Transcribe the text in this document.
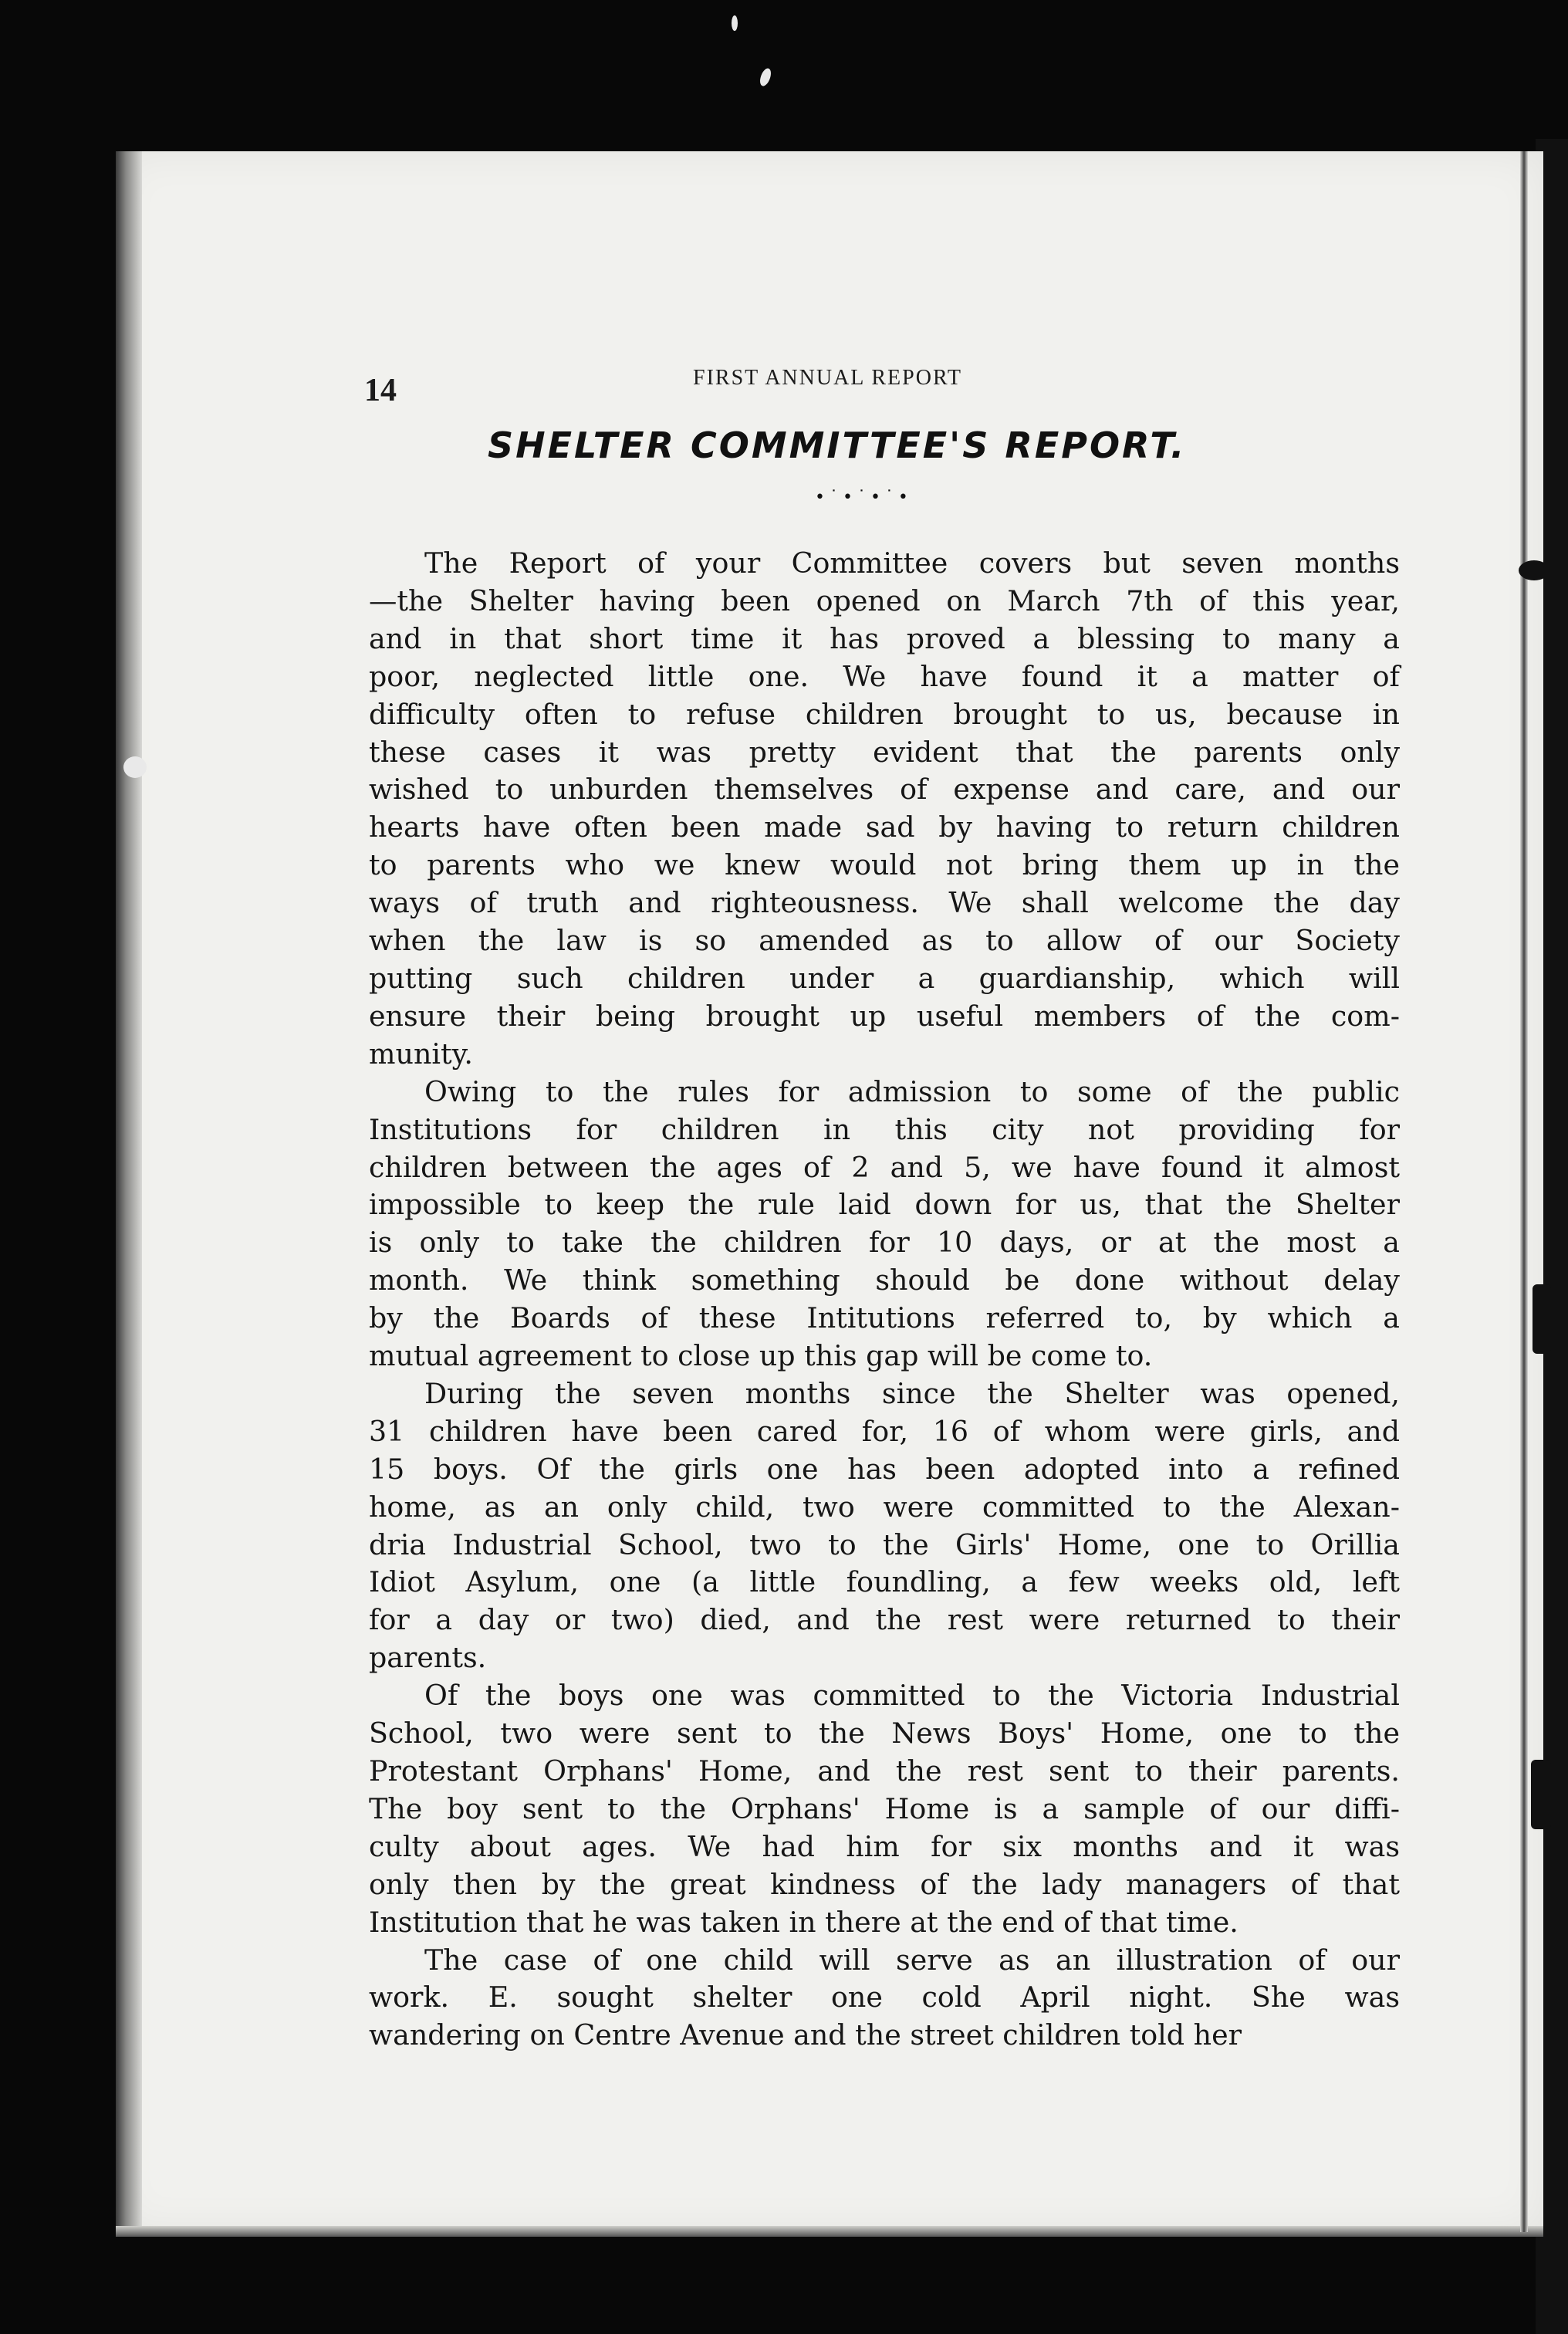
14	FIRST ANNUAL REPORT
SHELTER COMMITTEE'S REPORT.
•˙•˙•˙•

The Report of your Committee covers but seven months
—the Shelter having been opened on March 7th of this year,
and in that short time it has proved a blessing to many a
poor, neglected little one. We have found it a matter of
difficulty often to refuse children brought to us, because in
these cases it was pretty evident that the parents only
wished to unburden themselves of expense and care, and our
hearts have often been made sad by having to return children
to parents who we knew would not bring them up in the
ways of truth and righteousness. We shall welcome the day
when the law is so amended as to allow of our Society
putting such children under a guardianship, which will
ensure their being brought up useful members of the com-
munity.

Owing to the rules for admission to some of the public
Institutions for children in this city not providing for
children between the ages of 2 and 5, we have found it almost
impossible to keep the rule laid down for us, that the Shelter
is only to take the children for 10 days, or at the most a
month. We think something should be done without delay
by the Boards of these Intitutions referred to, by which a
mutual agreement to close up this gap will be come to.

During the seven months since the Shelter was opened,
31 children have been cared for, 16 of whom were girls, and
15 boys. Of the girls one has been adopted into a refined
home, as an only child, two were committed to the Alexan-
dria Industrial School, two to the Girls' Home, one to Orillia
Idiot Asylum, one (a little foundling, a few weeks old, left
for a day or two) died, and the rest were returned to their
parents.

Of the boys one was committed to the Victoria Industrial
School, two were sent to the News Boys' Home, one to the
Protestant Orphans' Home, and the rest sent to their parents.
The boy sent to the Orphans' Home is a sample of our diffi-
culty about ages. We had him for six months and it was
only then by the great kindness of the lady managers of that
Institution that he was taken in there at the end of that time.

The case of one child will serve as an illustration of our
work. E. sought shelter one cold April night. She was
wandering on Centre Avenue and the street children told her
